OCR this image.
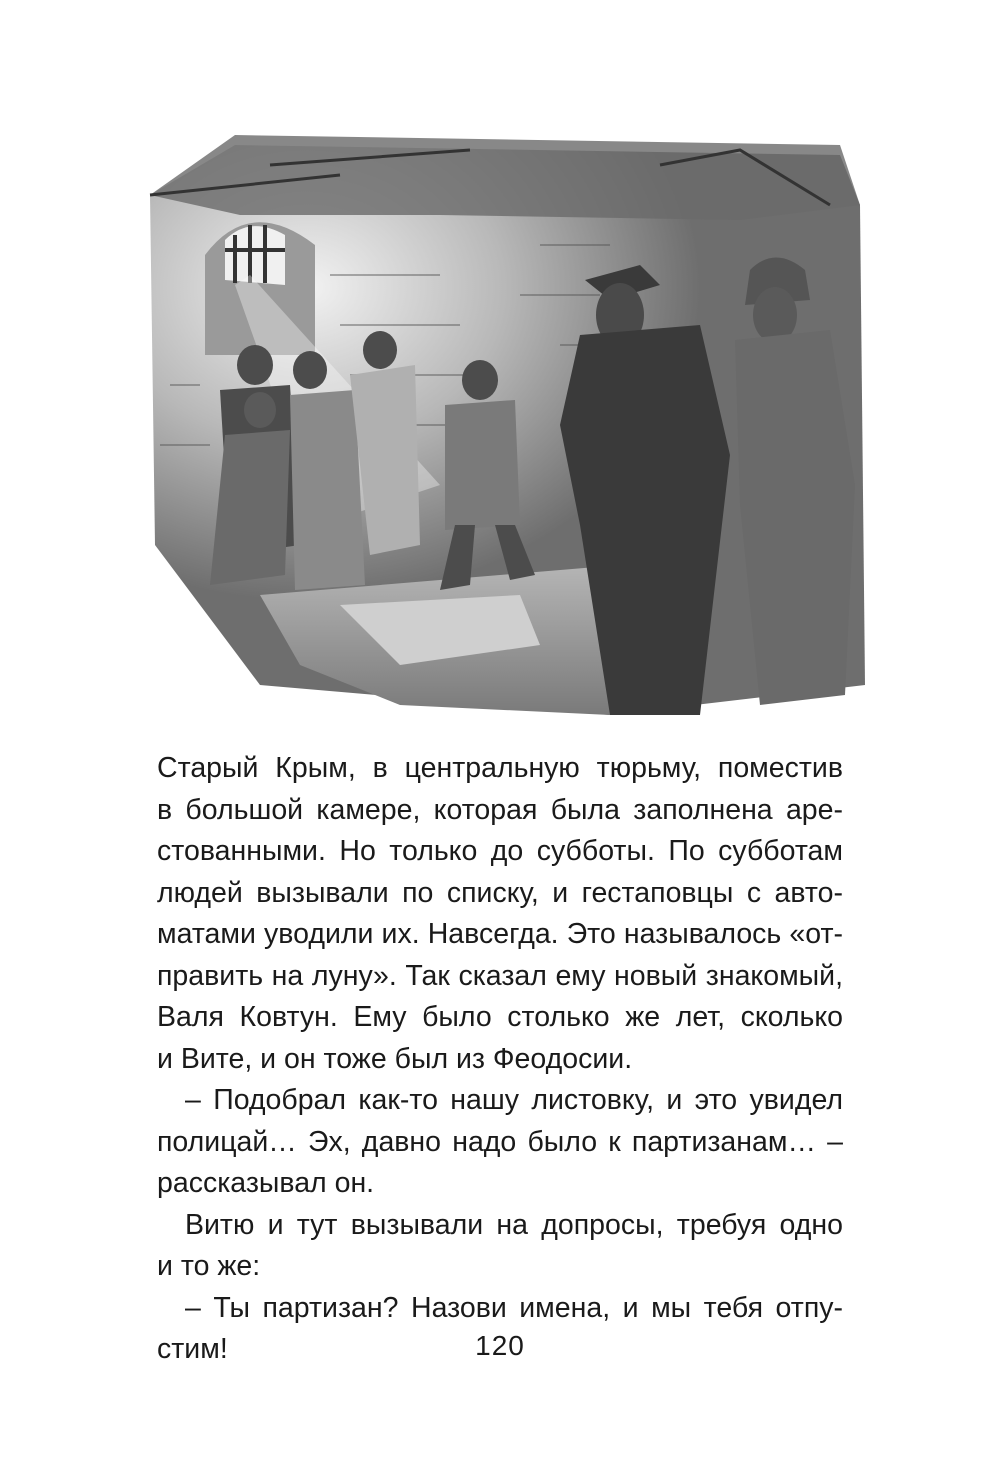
Старый Крым, в центральную тюрьму, поместив
в большой камере, которая была заполнена аре-
стованными. Но только до субботы. По субботам
людей вызывали по списку, и гестаповцы с авто-
матами уводили их. Навсегда. Это называлось «от-
править на луну». Так сказал ему новый знакомый,
Валя Ковтун. Ему было столько же лет, сколько
и Вите, и он тоже был из Феодосии.
– Подобрал как-то нашу листовку, и это увидел
полицай… Эх, давно надо было к партизанам… –
рассказывал он.
Витю и тут вызывали на допросы, требуя одно
и то же:
– Ты партизан? Назови имена, и мы тебя отпу-
стим!	120
